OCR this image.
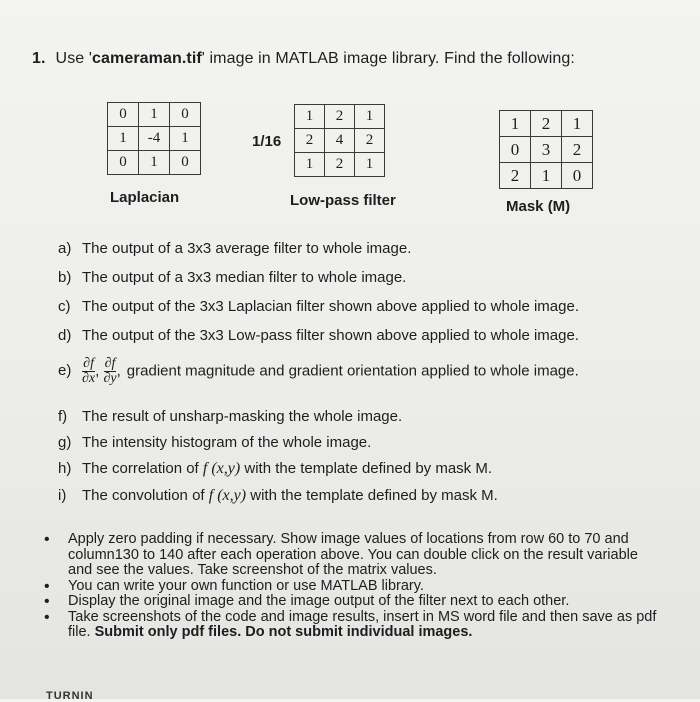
1. Use 'cameraman.tif' image in MATLAB image library. Find the following:
0	1	0
1	-4	1
0	1	0
Laplacian
1/16
1	2	1
2	4	2
1	2	1
Low-pass filter
1	2	1
0	3	2
2	1	0
Mask (M)
a) The output of a 3x3 average filter to whole image.
b) The output of a 3x3 median filter to whole image.
c) The output of the 3x3 Laplacian filter shown above applied to whole image.
d) The output of the 3x3 Low-pass filter shown above applied to whole image.
$e) \frac{\partial f}{\partial x}$ , $\frac{\partial f}{\partial y}$ , gradient magnitude and gradient orientation applied to whole image.
f) The result of unsharp-masking the whole image.
g) The intensity histogram of the whole image.
h) The correlation of f (x,y) with the template defined by mask M.
i) The convolution of f (x,y) with the template defined by mask M.
• Apply zero padding if necessary. Show image values of locations from row 60 to 70 and column130 to 140 after each operation above. You can double click on the result variable and see the values. Take screenshot of the matrix values.
• You can write your own function or use MATLAB library.
• Display the original image and the image output of the filter next to each other.
• Take screenshots of the code and image results, insert in MS word file and then save as pdf file. Submit only pdf files. Do not submit individual images.
TURNIN
